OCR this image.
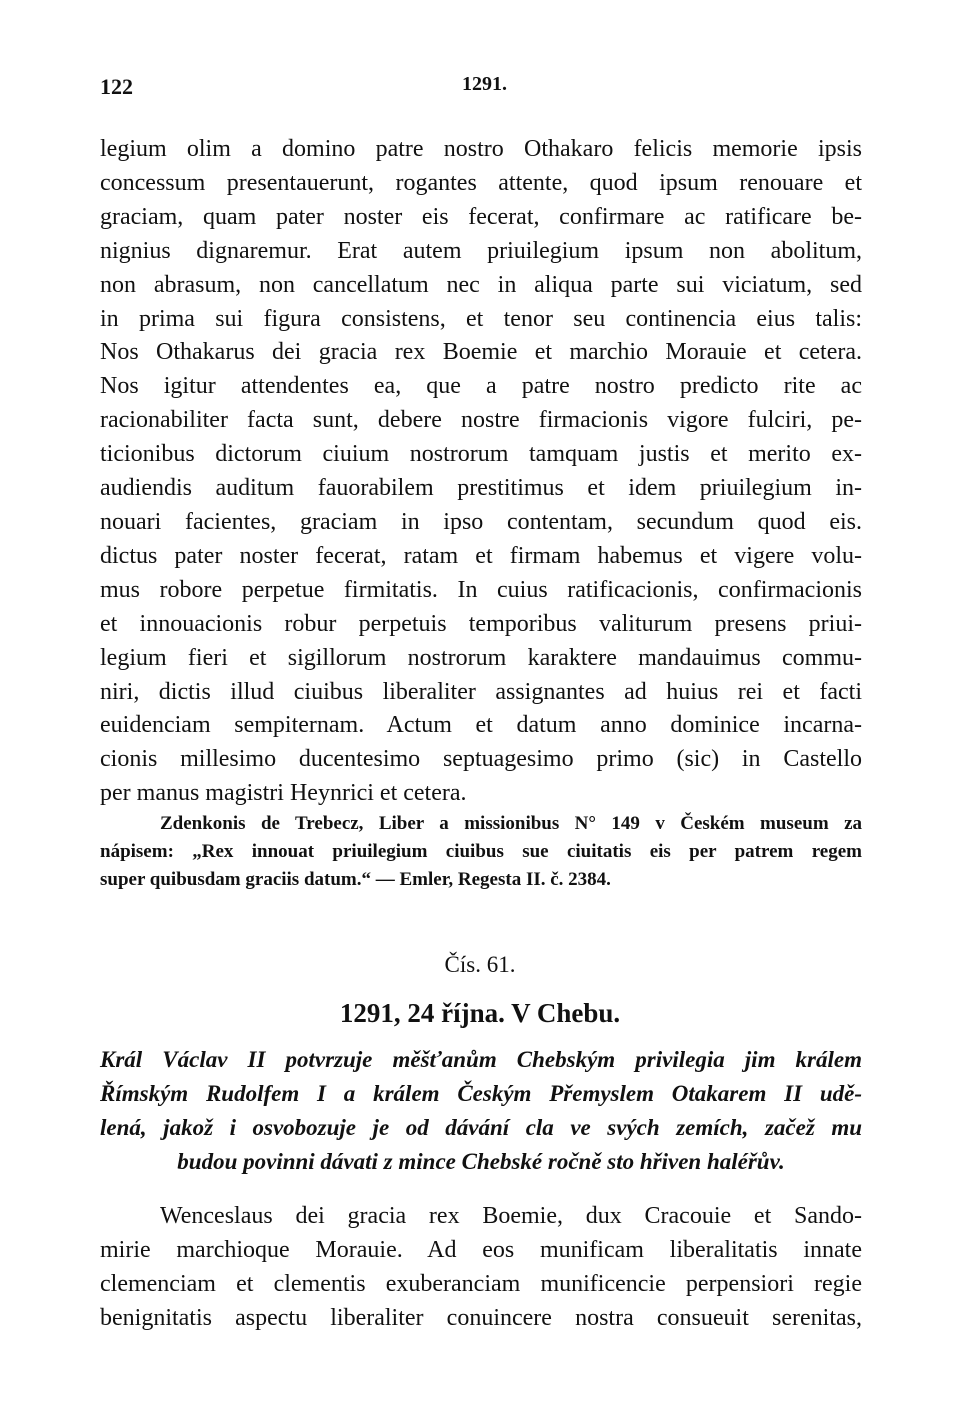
122	1291.
legium olim a domino patre nostro Othakaro felicis memorie ipsis
concessum presentauerunt, rogantes attente, quod ipsum renouare et
graciam, quam pater noster eis fecerat, confirmare ac ratificare be-
nignius dignaremur. Erat autem priuilegium ipsum non abolitum,
non abrasum, non cancellatum nec in aliqua parte sui viciatum, sed
in prima sui figura consistens, et tenor seu continencia eius talis:
Nos Othakarus dei gracia rex Boemie et marchio Morauie et cetera.
Nos igitur attendentes ea, que a patre nostro predicto rite ac
racionabiliter facta sunt, debere nostre firmacionis vigore fulciri, pe-
ticionibus dictorum ciuium nostrorum tamquam justis et merito ex-
audiendis auditum fauorabilem prestitimus et idem priuilegium in-
nouari facientes, graciam in ipso contentam, secundum quod eis.
dictus pater noster fecerat, ratam et firmam habemus et vigere volu-
mus robore perpetue firmitatis. In cuius ratificacionis, confirmacionis
et innouacionis robur perpetuis temporibus valiturum presens priui-
legium fieri et sigillorum nostrorum karaktere mandauimus commu-
niri, dictis illud ciuibus liberaliter assignantes ad huius rei et facti
euidenciam sempiternam. Actum et datum anno dominice incarna-
cionis millesimo ducentesimo septuagesimo primo (sic) in Castello
per manus magistri Heynrici et cetera.
Zdenkonis de Trebecz, Liber a missionibus N° 149 v Českém museum za
nápisem: „Rex innouat priuilegium ciuibus sue ciuitatis eis per patrem regem
super quibusdam graciis datum.“ — Emler, Regesta II. č. 2384.
Čís. 61.
1291, 24 října. V Chebu.
Král Václav II potvrzuje měšťanům Chebským privilegia jim králem
Římským Rudolfem I a králem Českým Přemyslem Otakarem II udě-
lená, jakož i osvobozuje je od dávání cla ve svých zemích, začež mu
budou povinni dávati z mince Chebské ročně sto hřiven haléřův.
Wenceslaus dei gracia rex Boemie, dux Cracouie et Sando-
mirie marchioque Morauie. Ad eos munificam liberalitatis innate
clemenciam et clementis exuberanciam munificencie perpensiori regie
benignitatis aspectu liberaliter conuincere nostra consueuit serenitas,
